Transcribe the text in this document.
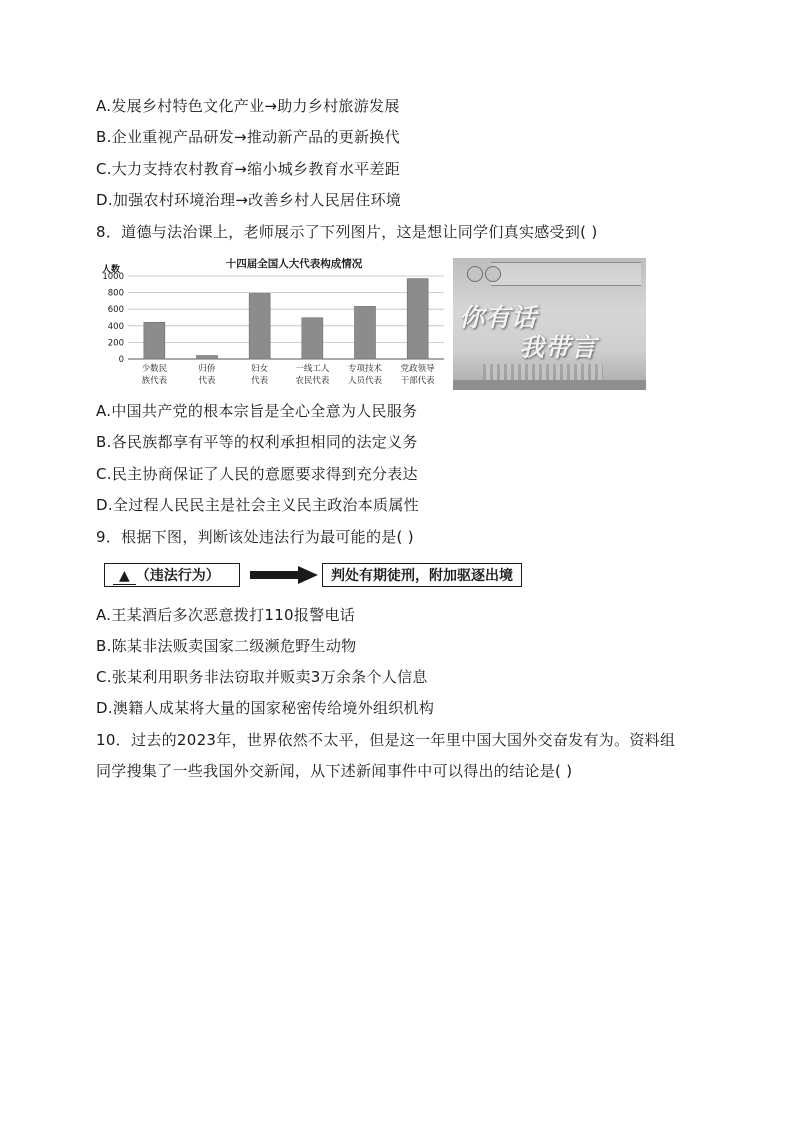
A.发展乡村特色文化产业→助力乡村旅游发展
B.企业重视产品研发→推动新产品的更新换代
C.大力支持农村教育→缩小城乡教育水平差距
D.加强农村环境治理→改善乡村人民居住环境
8．道德与法治课上，老师展示了下列图片，这是想让同学们真实感受到( )
十四届全国人大代表构成情况
人数
0
200
400
600
800
1000
少数民
族代表
归侨
代表
妇女
代表
一线工人
农民代表
专项技术
人员代表
党政领导
干部代表
你有话
我带言
A.中国共产党的根本宗旨是全心全意为人民服务
B.各民族都享有平等的权利承担相同的法定义务
C.民主协商保证了人民的意愿要求得到充分表达
D.全过程人民民主是社会主义民主政治本质属性
9．根据下图，判断该处违法行为最可能的是( )
▲ （违法行为）	判处有期徒刑，附加驱逐出境
A.王某酒后多次恶意拨打110报警电话
B.陈某非法贩卖国家二级濒危野生动物
C.张某利用职务非法窃取并贩卖3万余条个人信息
D.澳籍人成某将大量的国家秘密传给境外组织机构
10．过去的2023年，世界依然不太平，但是这一年里中国大国外交奋发有为。资料组
同学搜集了一些我国外交新闻，从下述新闻事件中可以得出的结论是( )
